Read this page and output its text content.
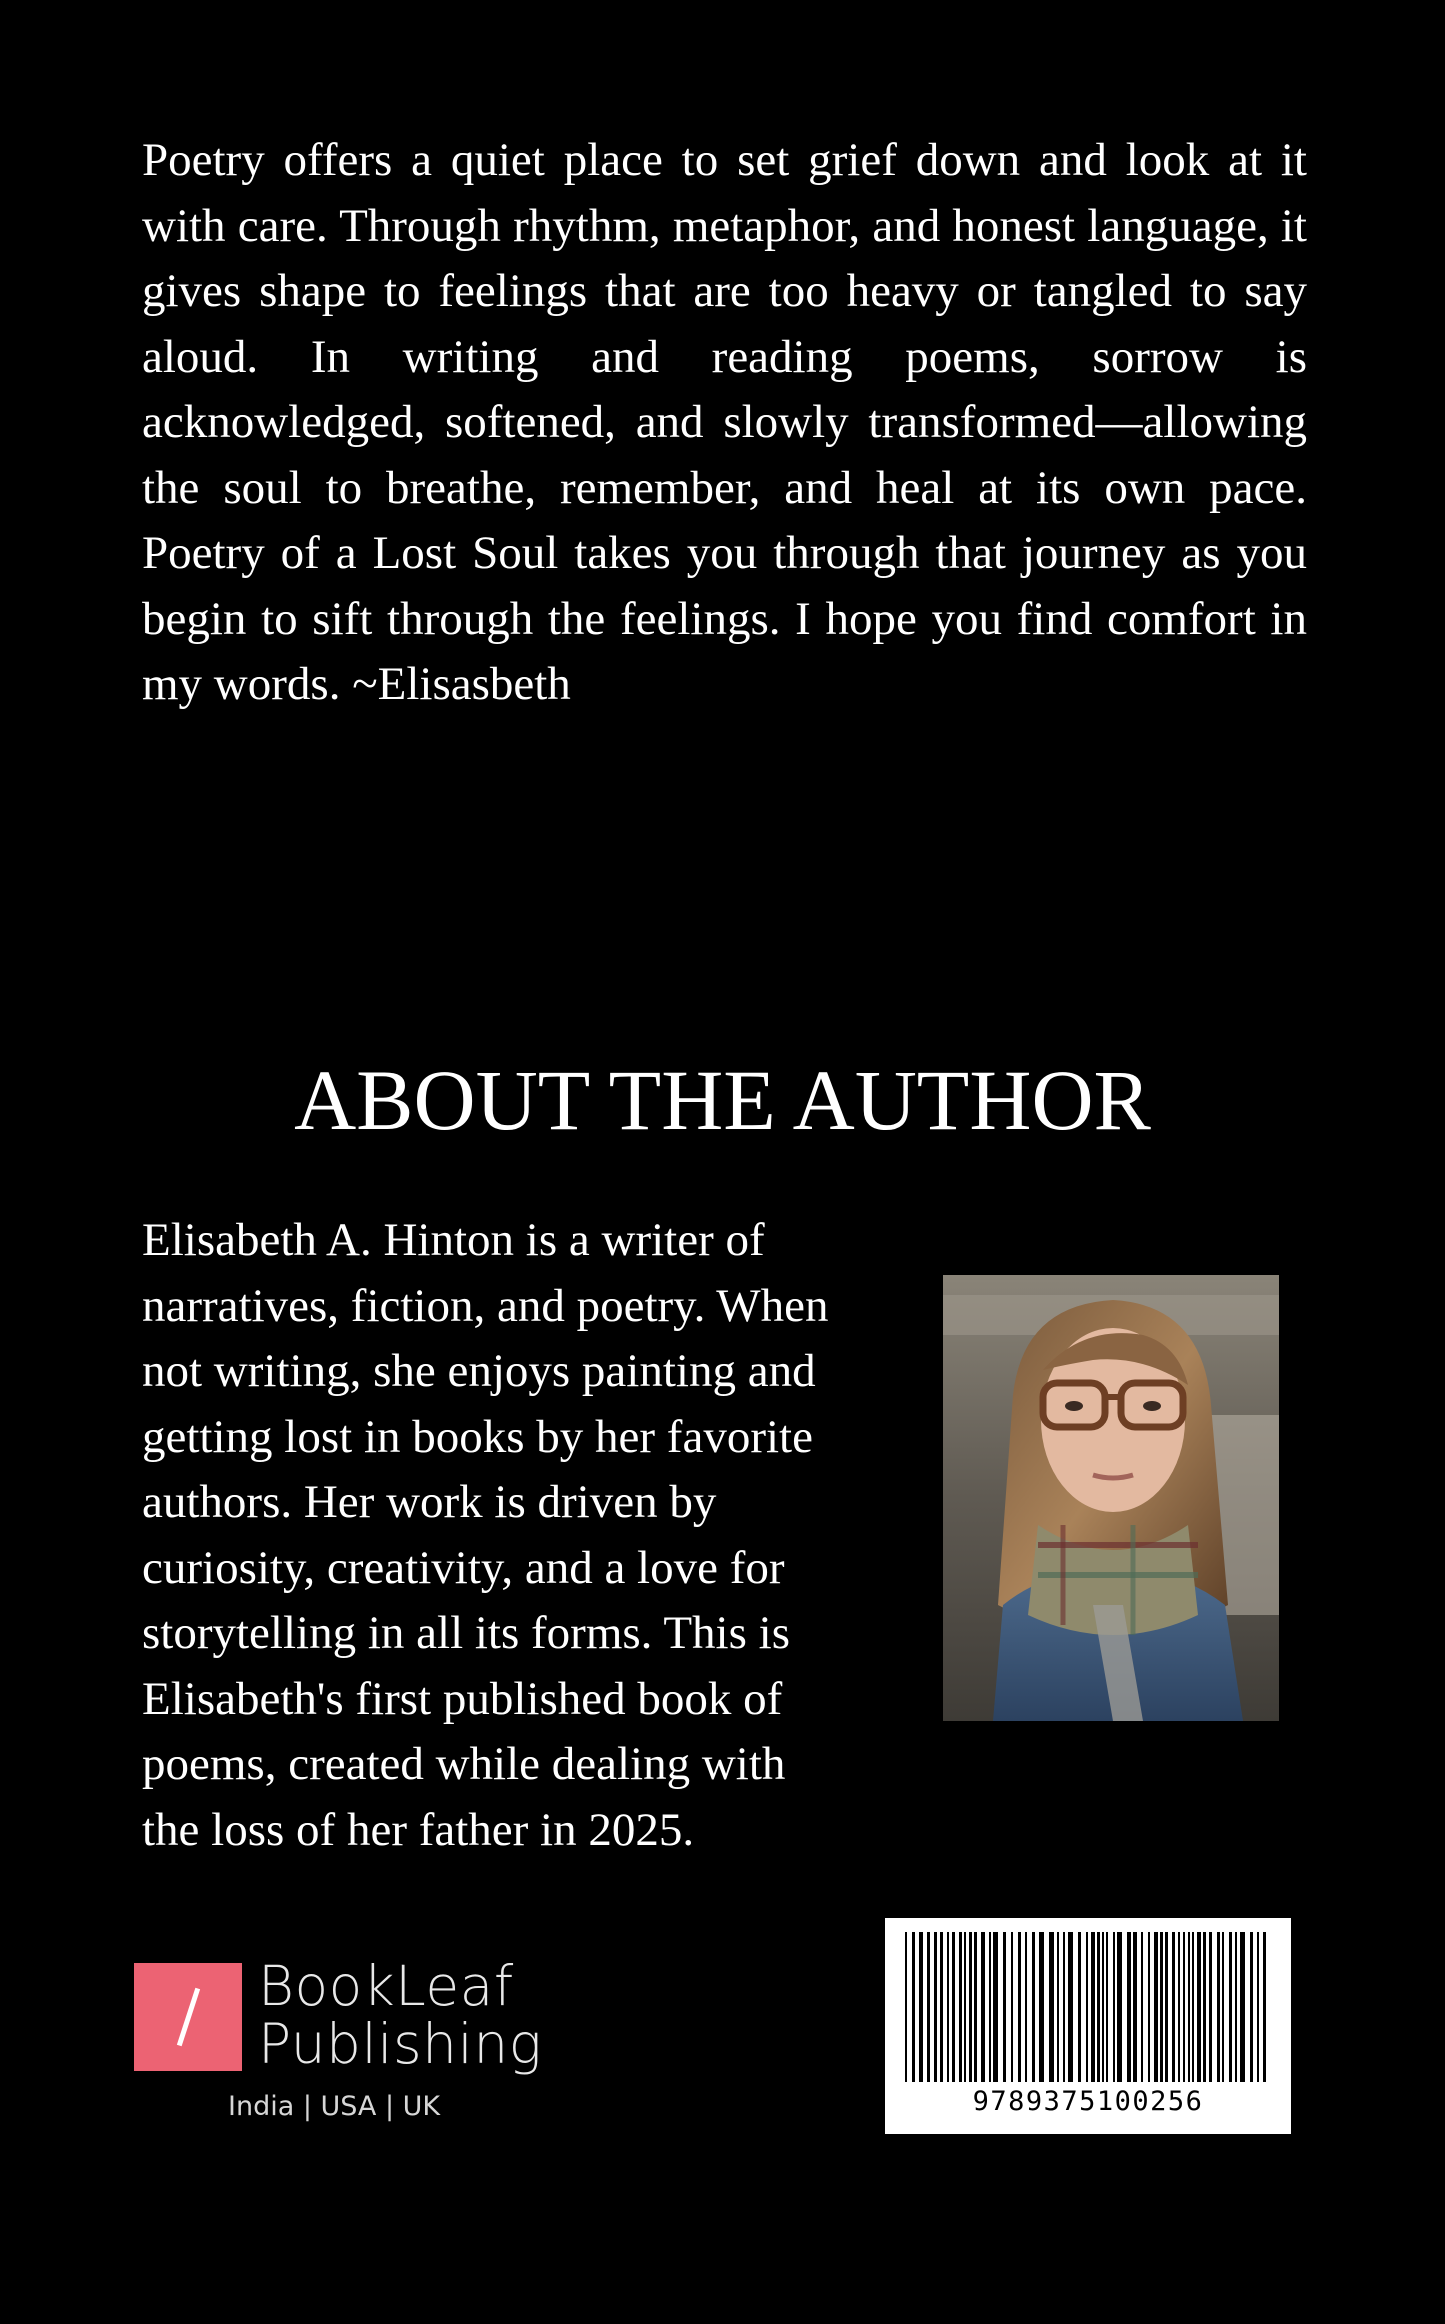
Poetry offers a quiet place to set grief down and look at it with care. Through rhythm, metaphor, and honest language, it gives shape to feelings that are too heavy or tangled to say aloud. In writing and reading poems, sorrow is acknowledged, softened, and slowly transformed—allowing the soul to breathe, remember, and heal at its own pace. Poetry of a Lost Soul takes you through that journey as you begin to sift through the feelings. I hope you find comfort in my words. ~Elisasbeth

ABOUT THE AUTHOR
Elisabeth A. Hinton is a writer of
narratives, fiction, and poetry. When
not writing, she enjoys painting and
getting lost in books by her favorite
authors. Her work is driven by
curiosity, creativity, and a love for
storytelling in all its forms. This is
Elisabeth's first published book of
poems, created while dealing with
the loss of her father in 2025.
BookLeaf
Publishing
India | USA | UK	9789375100256
